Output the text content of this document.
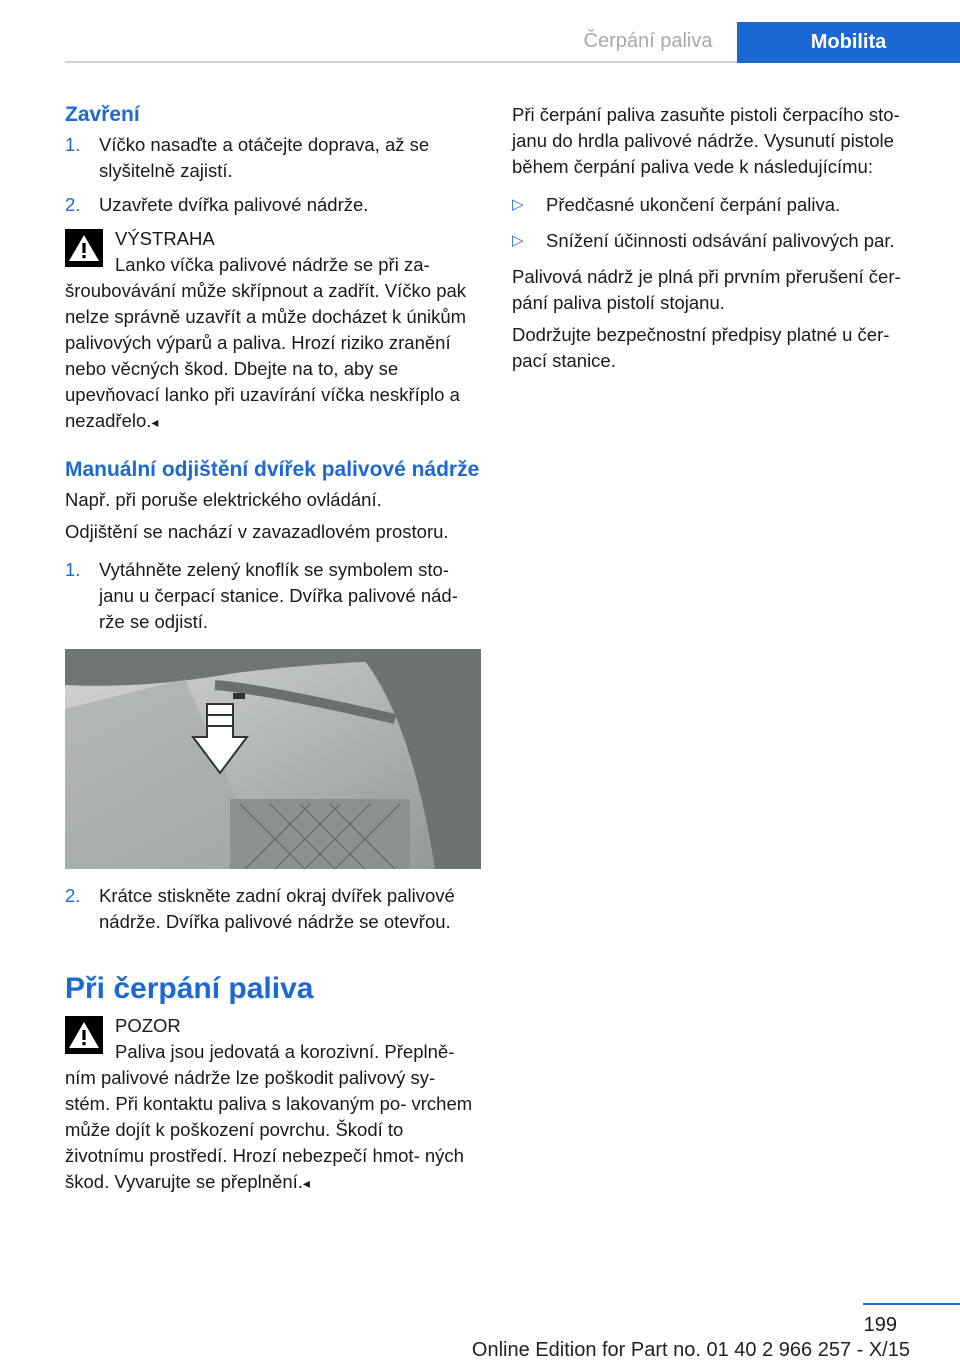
Čerpání paliva	Mobilita
Zavření
1.	Víčko nasaďte a otáčejte doprava, až se slyšitelně zajistí.
2.	Uzavřete dvířka palivové nádrže.
VÝSTRAHA
Lanko víčka palivové nádrže se při za- šroubovávání může skřípnout a zadřít. Víčko pak nelze správně uzavřít a může docházet k únikům palivových výparů a paliva. Hrozí riziko zranění nebo věcných škod. Dbejte na to, aby se upevňovací lanko při uzavírání víčka neskříplo a nezadřelo.◂
Manuální odjištění dvířek palivové nádrže

Např. při poruše elektrického ovládání.

Odjištění se nachází v zavazadlovém prostoru.

1.	Vytáhněte zelený knoflík se symbolem sto- janu u čerpací stanice. Dvířka palivové nád- rže se odjistí.
2.	Krátce stiskněte zadní okraj dvířek palivové nádrže. Dvířka palivové nádrže se otevřou.
Při čerpání paliva
POZOR
Paliva jsou jedovatá a korozivní. Přeplně- ním palivové nádrže lze poškodit palivový sy- stém. Při kontaktu paliva s lakovaným po- vrchem může dojít k poškození povrchu. Škodí to životnímu prostředí. Hrozí nebezpečí hmot- ných škod. Vyvarujte se přeplnění.◂

Při čerpání paliva zasuňte pistoli čerpacího sto- janu do hrdla palivové nádrže. Vysunutí pistole během čerpání paliva vede k následujícímu:

▷	Předčasné ukončení čerpání paliva.
▷	Snížení účinnosti odsávání palivových par.

Palivová nádrž je plná při prvním přerušení čer- pání paliva pistolí stojanu.

Dodržujte bezpečnostní předpisy platné u čer- pací stanice.

199
Online Edition for Part no. 01 40 2 966 257 - X/15
